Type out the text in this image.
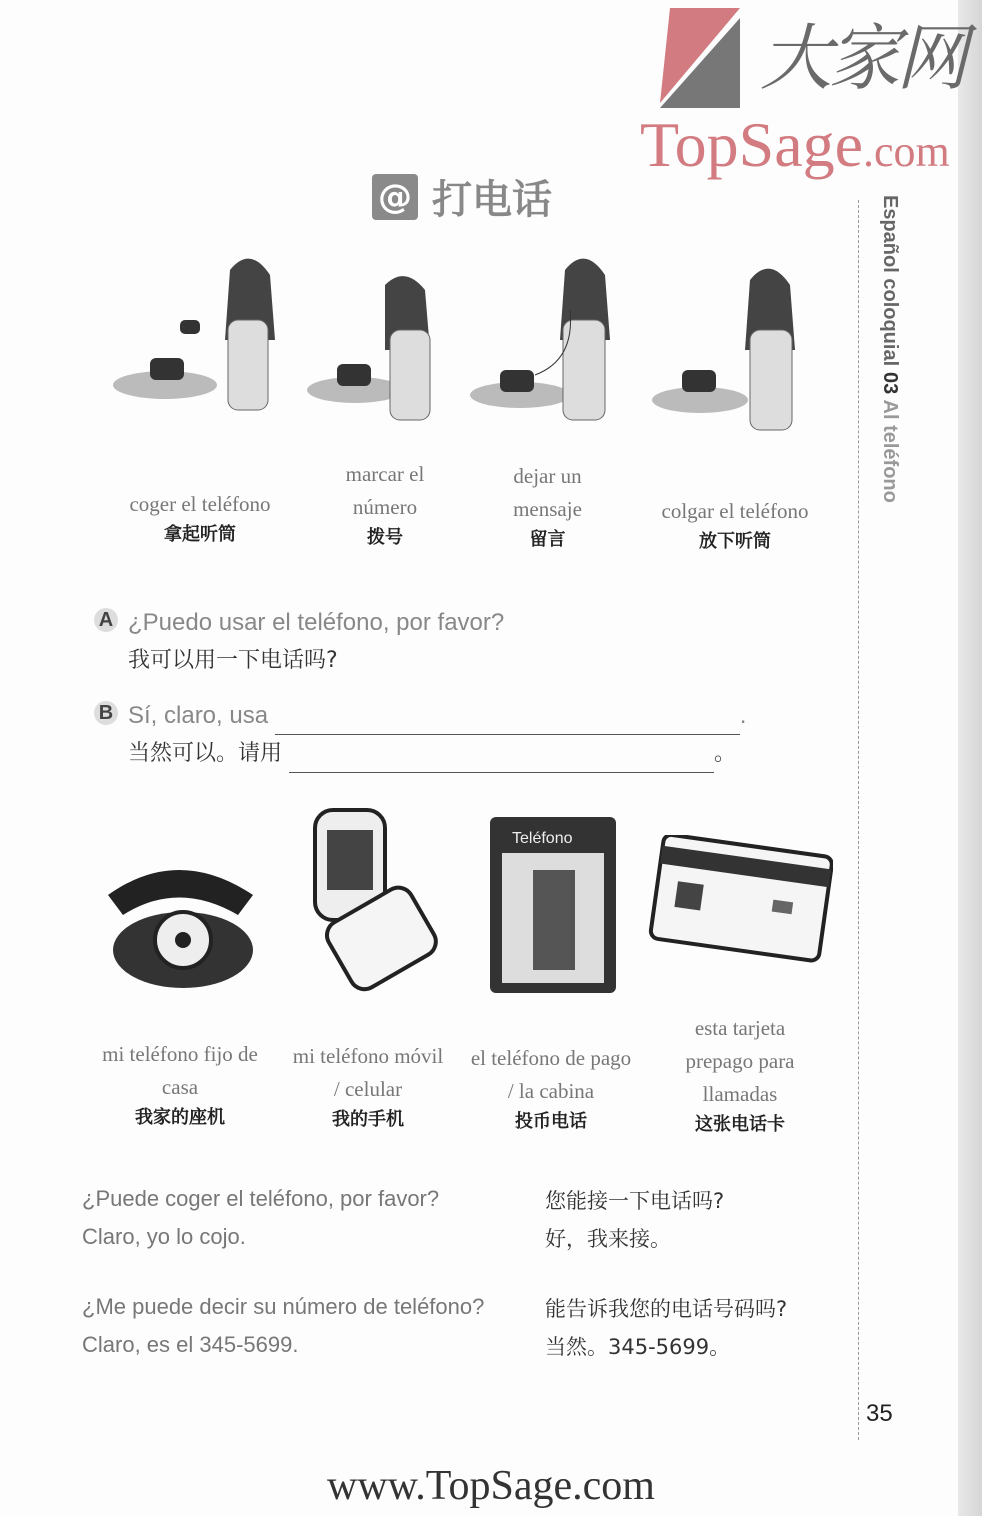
大家网
TopSage.com
@ 打电话	Español coloquial 03 Al teléfono
coger el teléfono
拿起听筒
marcar el número
拨号
dejar un mensaje
留言
colgar el teléfono
放下听筒
A ¿Puedo usar el teléfono, por favor?
我可以用一下电话吗?
B Sí, claro, usa	.
当然可以。请用	。
Teléfono
mi teléfono fijo de casa
我家的座机
mi teléfono móvil / celular
我的手机
el teléfono de pago / la cabina
投币电话
esta tarjeta prepago para llamadas
这张电话卡
¿Puede coger el teléfono, por favor?
Claro, yo lo cojo.
您能接一下电话吗?
好，我来接。
¿Me puede decir su número de teléfono?
Claro, es el 345-5699.
能告诉我您的电话号码吗?
当然。345-5699。
35
www.TopSage.com
